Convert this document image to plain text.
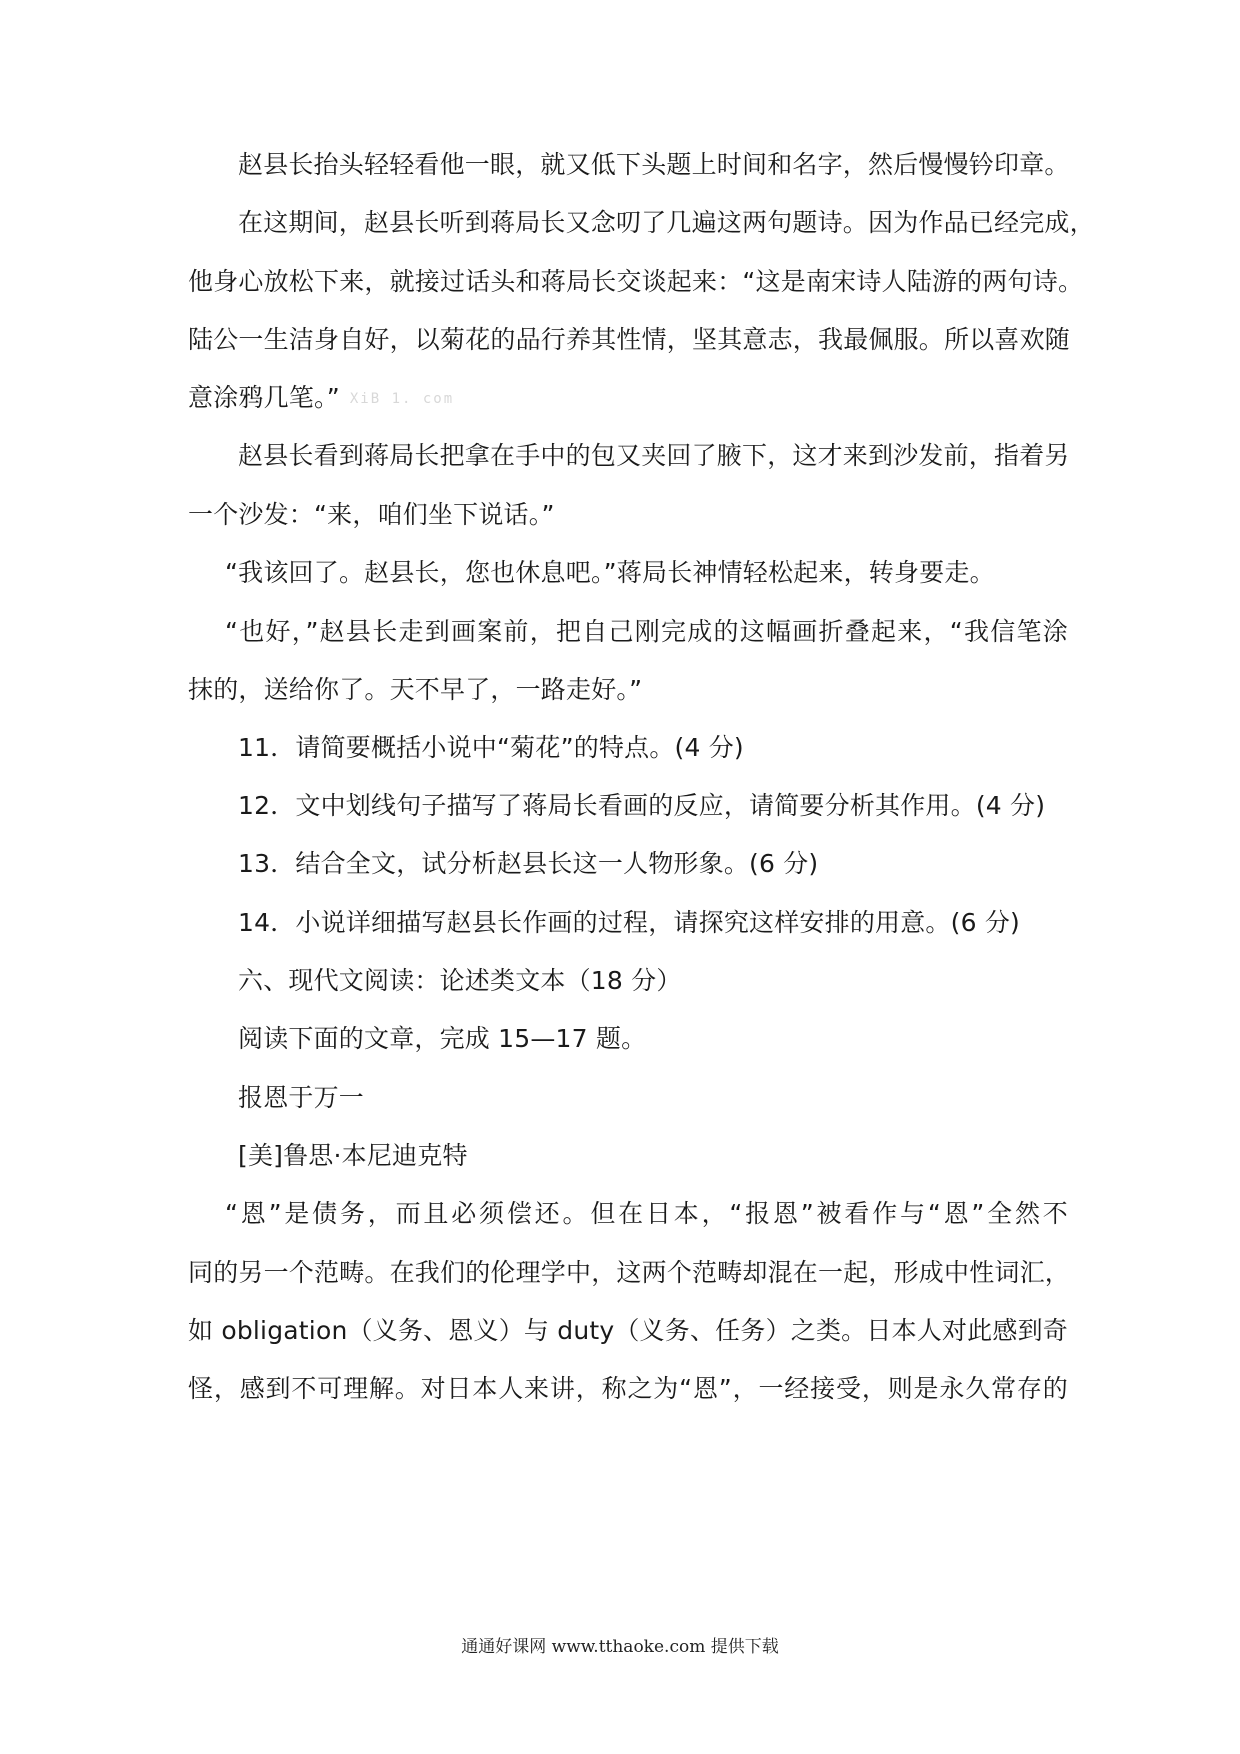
赵县长抬头轻轻看他一眼，就又低下头题上时间和名字，然后慢慢钤印章。
在这期间，赵县长听到蒋局长又念叨了几遍这两句题诗。因为作品已经完成，
他身心放松下来，就接过话头和蒋局长交谈起来：“这是南宋诗人陆游的两句诗。
陆公一生洁身自好，以菊花的品行养其性情，坚其意志，我最佩服。所以喜欢随
意涂鸦几笔。” XiB 1. com
赵县长看到蒋局长把拿在手中的包又夹回了腋下，这才来到沙发前，指着另
一个沙发：“来，咱们坐下说话。”
“我该回了。赵县长，您也休息吧。”蒋局长神情轻松起来，转身要走。
“也好，”赵县长走到画案前，把自己刚完成的这幅画折叠起来，“我信笔涂
抹的，送给你了。天不早了，一路走好。”
11．请简要概括小说中“菊花”的特点。(4 分)
12．文中划线句子描写了蒋局长看画的反应，请简要分析其作用。(4 分)
13．结合全文，试分析赵县长这一人物形象。(6 分)
14．小说详细描写赵县长作画的过程，请探究这样安排的用意。(6 分)
六、现代文阅读：论述类文本（18 分）
阅读下面的文章，完成 15—17 题。
报恩于万一
[美]鲁思·本尼迪克特
“恩”是债务，而且必须偿还。但在日本，“报恩”被看作与“恩”全然不
同的另一个范畴。在我们的伦理学中，这两个范畴却混在一起，形成中性词汇，
如 obligation（义务、恩义）与 duty（义务、任务）之类。日本人对此感到奇
怪，感到不可理解。对日本人来讲，称之为“恩”，一经接受，则是永久常存的
通通好课网 www.tthaoke.com 提供下载
